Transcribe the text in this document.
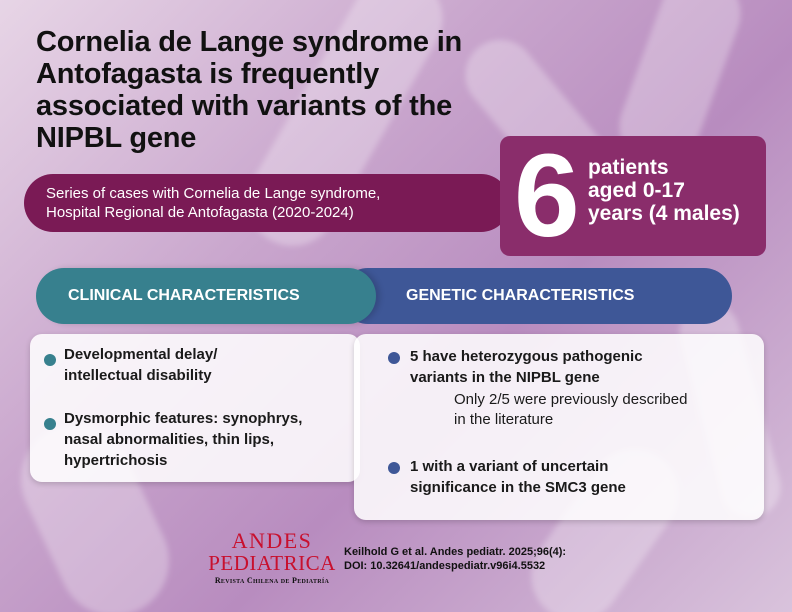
Cornelia de Lange syndrome in Antofagasta is frequently associated with variants of the NIPBL gene
Series of cases with Cornelia de Lange syndrome,
Hospital Regional de Antofagasta (2020-2024)	6 patients
aged 0-17
years (4 males)
GENETIC CHARACTERISTICS
CLINICAL CHARACTERISTICS
Developmental delay/
intellectual disability
Dysmorphic features: synophrys,
nasal abnormalities, thin lips,
hypertrichosis
5 have heterozygous pathogenic
variants in the NIPBL gene
Only 2/5 were previously described
in the literature
1 with a variant of uncertain
significance in the SMC3 gene
ANDES
PEDIATRICA
Revista Chilena de Pediatría
Keilhold G et al. Andes pediatr. 2025;96(4):
DOI: 10.32641/andespediatr.v96i4.5532
